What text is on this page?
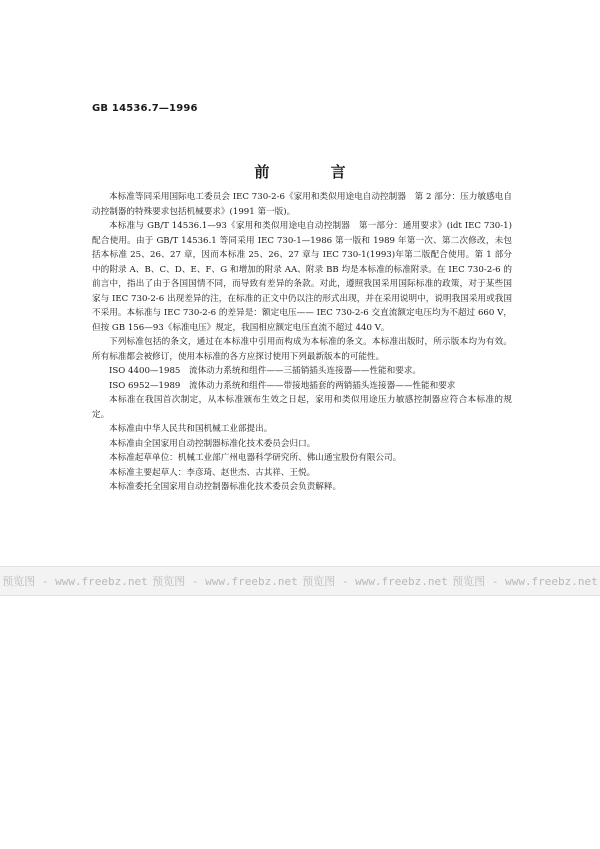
GB 14536.7—1996
前 言

本标准等同采用国际电工委员会 IEC 730-2-6《家用和类似用途电自动控制器　第 2 部分：压力敏感电自动控制器的特殊要求包括机械要求》(1991 第一版)。

本标准与 GB/T 14536.1—93《家用和类似用途电自动控制器　第一部分：通用要求》(idt IEC 730-1)配合使用。由于 GB/T 14536.1 等同采用 IEC 730-1—1986 第一版和 1989 年第一次、第二次修改，未包括本标准 25、26、27 章，因而本标准 25、26、27 章与 IEC 730-1(1993)年第二版配合使用。第 1 部分中的附录 A、B、C、D、E、F、G 和增加的附录 AA、附录 BB 均是本标准的标准附录。在 IEC 730-2-6 的前言中，指出了由于各国国情不同，而导致有差异的条款。对此，遵照我国采用国际标准的政策，对于某些国家与 IEC 730-2-6 出现差异的注，在标准的正文中仍以注的形式出现，并在采用说明中，说明我国采用或我国不采用。本标准与 IEC 730-2-6 的差异是：额定电压—— IEC 730-2-6 交直流额定电压均为不超过 660 V，但按 GB 156—93《标准电压》规定，我国相应额定电压直流不超过 440 V。

下列标准包括的条文，通过在本标准中引用而构成为本标准的条文。本标准出版时，所示版本均为有效。所有标准都会被修订，使用本标准的各方应探讨使用下列最新版本的可能性。

ISO 4400—1985　流体动力系统和组件——三插销插头连接器——性能和要求。

ISO 6952—1989　流体动力系统和组件——带接地插套的两销插头连接器——性能和要求

本标准在我国首次制定，从本标准颁布生效之日起，家用和类似用途压力敏感控制器应符合本标准的规定。

本标准由中华人民共和国机械工业部提出。

本标准由全国家用自动控制器标准化技术委员会归口。

本标准起草单位：机械工业部广州电器科学研究所、佛山通宝股份有限公司。

本标准主要起草人：李彦琦、赵世杰、古其祥、王悦。

本标准委托全国家用自动控制器标准化技术委员会负责解释。

预览图 - www.freebz.net 预览图 - www.freebz.net 预览图 - www.freebz.net 预览图 - www.freebz.net
